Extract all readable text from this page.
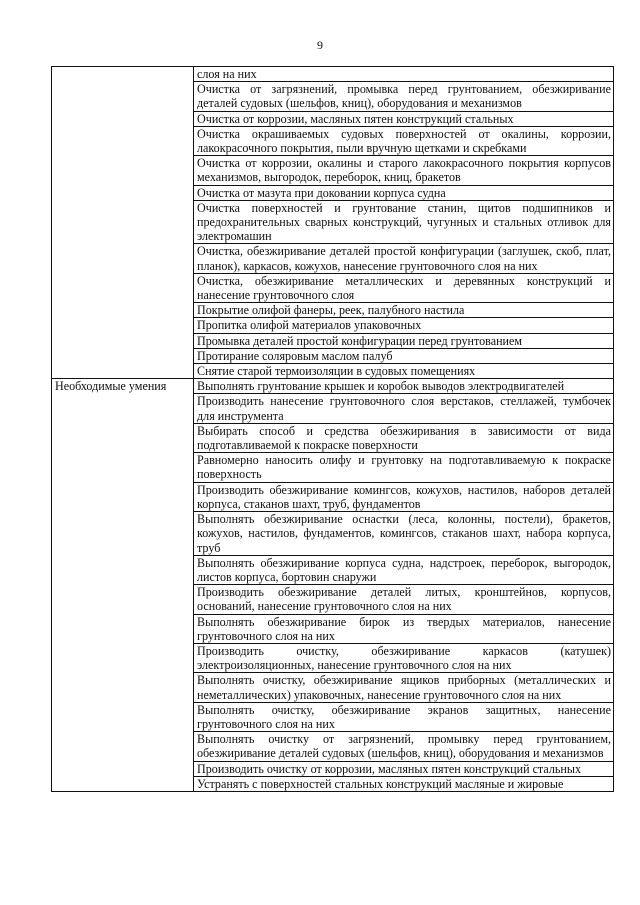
9
	слоя на них
	Очистка от загрязнений, промывка перед грунтованием, обезжиривание деталей судовых (шельфов, книц), оборудования и механизмов
	Очистка от коррозии, масляных пятен конструкций стальных
	Очистка окрашиваемых судовых поверхностей от окалины, коррозии, лакокрасочного покрытия, пыли вручную щетками и скребками
	Очистка от коррозии, окалины и старого лакокрасочного покрытия корпусов механизмов, выгородок, переборок, книц, бракетов
	Очистка от мазута при доковании корпуса судна
	Очистка поверхностей и грунтование станин, щитов подшипников и предохранительных сварных конструкций, чугунных и стальных отливок для электромашин
	Очистка, обезжиривание деталей простой конфигурации (заглушек, скоб, плат, планок), каркасов, кожухов, нанесение грунтовочного слоя на них
	Очистка, обезжиривание металлических и деревянных конструкций и нанесение грунтовочного слоя
	Покрытие олифой фанеры, реек, палубного настила
	Пропитка олифой материалов упаковочных
	Промывка деталей простой конфигурации перед грунтованием
	Протирание соляровым маслом палуб
	Снятие старой термоизоляции в судовых помещениях
Необходимые умения	Выполнять грунтование крышек и коробок выводов электродвигателей
	Производить нанесение грунтовочного слоя верстаков, стеллажей, тумбочек для инструмента
	Выбирать способ и средства обезжиривания в зависимости от вида подготавливаемой к покраске поверхности
	Равномерно наносить олифу и грунтовку на подготавливаемую к покраске поверхность
	Производить обезжиривание комингсов, кожухов, настилов, наборов деталей корпуса, стаканов шахт, труб, фундаментов
	Выполнять обезжиривание оснастки (леса, колонны, постели), бракетов, кожухов, настилов, фундаментов, комингсов, стаканов шахт, набора корпуса, труб
	Выполнять обезжиривание корпуса судна, надстроек, переборок, выгородок, листов корпуса, бортовин снаружи
	Производить обезжиривание деталей литых, кронштейнов, корпусов, оснований, нанесение грунтовочного слоя на них
	Выполнять обезжиривание бирок из твердых материалов, нанесение грунтовочного слоя на них
	Производить очистку, обезжиривание каркасов (катушек) электроизоляционных, нанесение грунтовочного слоя на них
	Выполнять очистку, обезжиривание ящиков приборных (металлических и неметаллических) упаковочных, нанесение грунтовочного слоя на них
	Выполнять очистку, обезжиривание экранов защитных, нанесение грунтовочного слоя на них
	Выполнять очистку от загрязнений, промывку перед грунтованием, обезжиривание деталей судовых (шельфов, книц), оборудования и механизмов
	Производить очистку от коррозии, масляных пятен конструкций стальных
	Устранять с поверхностей стальных конструкций масляные и жировые
